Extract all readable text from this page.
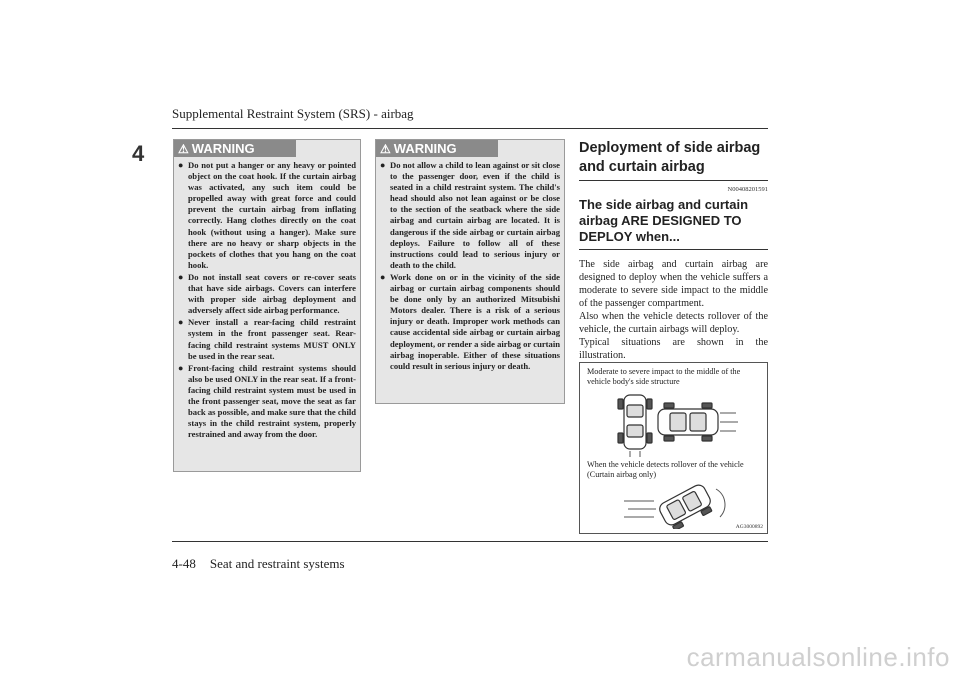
Supplemental Restraint System (SRS) - airbag
4	⚠ WARNING
● Do not put a hanger or any heavy or pointed object on the coat hook. If the curtain airbag was activated, any such item could be propelled away with great force and could prevent the curtain airbag from inflating correctly. Hang clothes directly on the coat hook (without using a hanger). Make sure there are no heavy or sharp objects in the pockets of clothes that you hang on the coat hook.
● Do not install seat covers or re-cover seats that have side airbags. Covers can interfere with proper side airbag deployment and adversely affect side airbag performance.
● Never install a rear-facing child restraint system in the front passenger seat. Rear-facing child restraint systems MUST ONLY be used in the rear seat.
● Front-facing child restraint systems should also be used ONLY in the rear seat. If a front-facing child restraint system must be used in the front passenger seat, move the seat as far back as possible, and make sure that the child stays in the child restraint system, properly restrained and away from the door.
⚠ WARNING
● Do not allow a child to lean against or sit close to the passenger door, even if the child is seated in a child restraint system. The child's head should also not lean against or be close to the section of the seatback where the side airbag and curtain airbag are located. It is dangerous if the side airbag or curtain airbag deploys. Failure to follow all of these instructions could lead to serious injury or death to the child.
● Work done on or in the vicinity of the side airbag or curtain airbag components should be done only by an authorized Mitsubishi Motors dealer. There is a risk of a serious injury or death. Improper work methods can cause accidental side airbag or curtain airbag deployment, or render a side airbag or curtain airbag inoperable. Either of these situations could result in serious injury or death.
Deployment of side airbag and curtain airbag
N00408201591
The side airbag and curtain airbag ARE DESIGNED TO DEPLOY when...

The side airbag and curtain airbag are designed to deploy when the vehicle suffers a moderate to severe side impact to the middle of the passenger compartment.

Also when the vehicle detects rollover of the vehicle, the curtain airbags will deploy.

Typical situations are shown in the illustration.

Moderate to severe impact to the middle of the vehicle body's side structure
When the vehicle detects rollover of the vehicle (Curtain airbag only)
AG3000892
4-48 Seat and restraint systems
carmanualsonline.info
